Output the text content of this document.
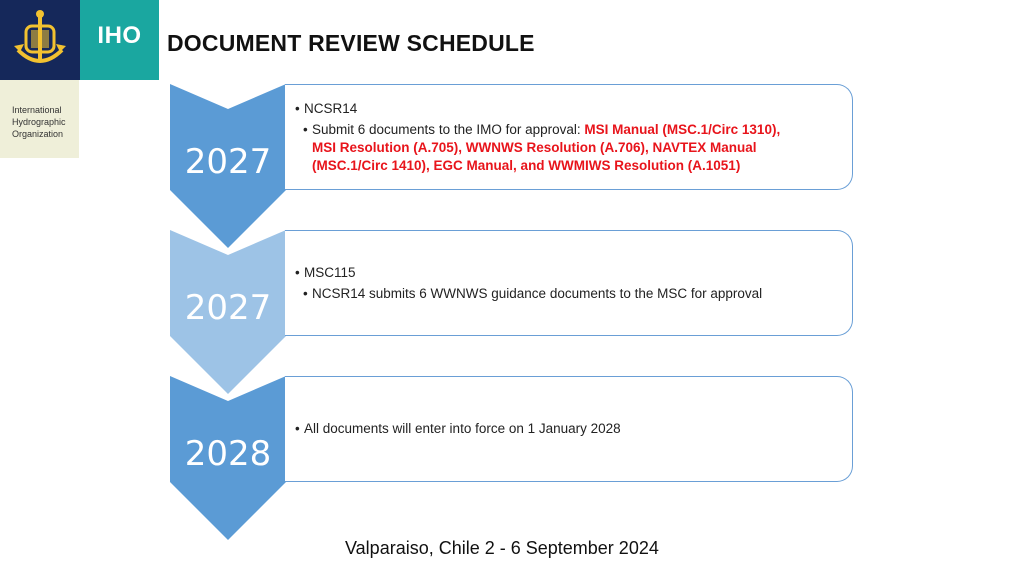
IHO
International
Hydrographic
Organization
DOCUMENT REVIEW SCHEDULE
2027
• NCSR14
• Submit 6 documents to the IMO for approval: MSI Manual (MSC.1/Circ 1310),
MSI Resolution (A.705), WWNWS Resolution (A.706), NAVTEX Manual
(MSC.1/Circ 1410), EGC Manual, and WWMIWS Resolution (A.1051)
2027
• MSC115
• NCSR14 submits 6 WWNWS guidance documents to the MSC for approval
2028
• All documents will enter into force on 1 January 2028
Valparaiso, Chile 2 - 6 September 2024
